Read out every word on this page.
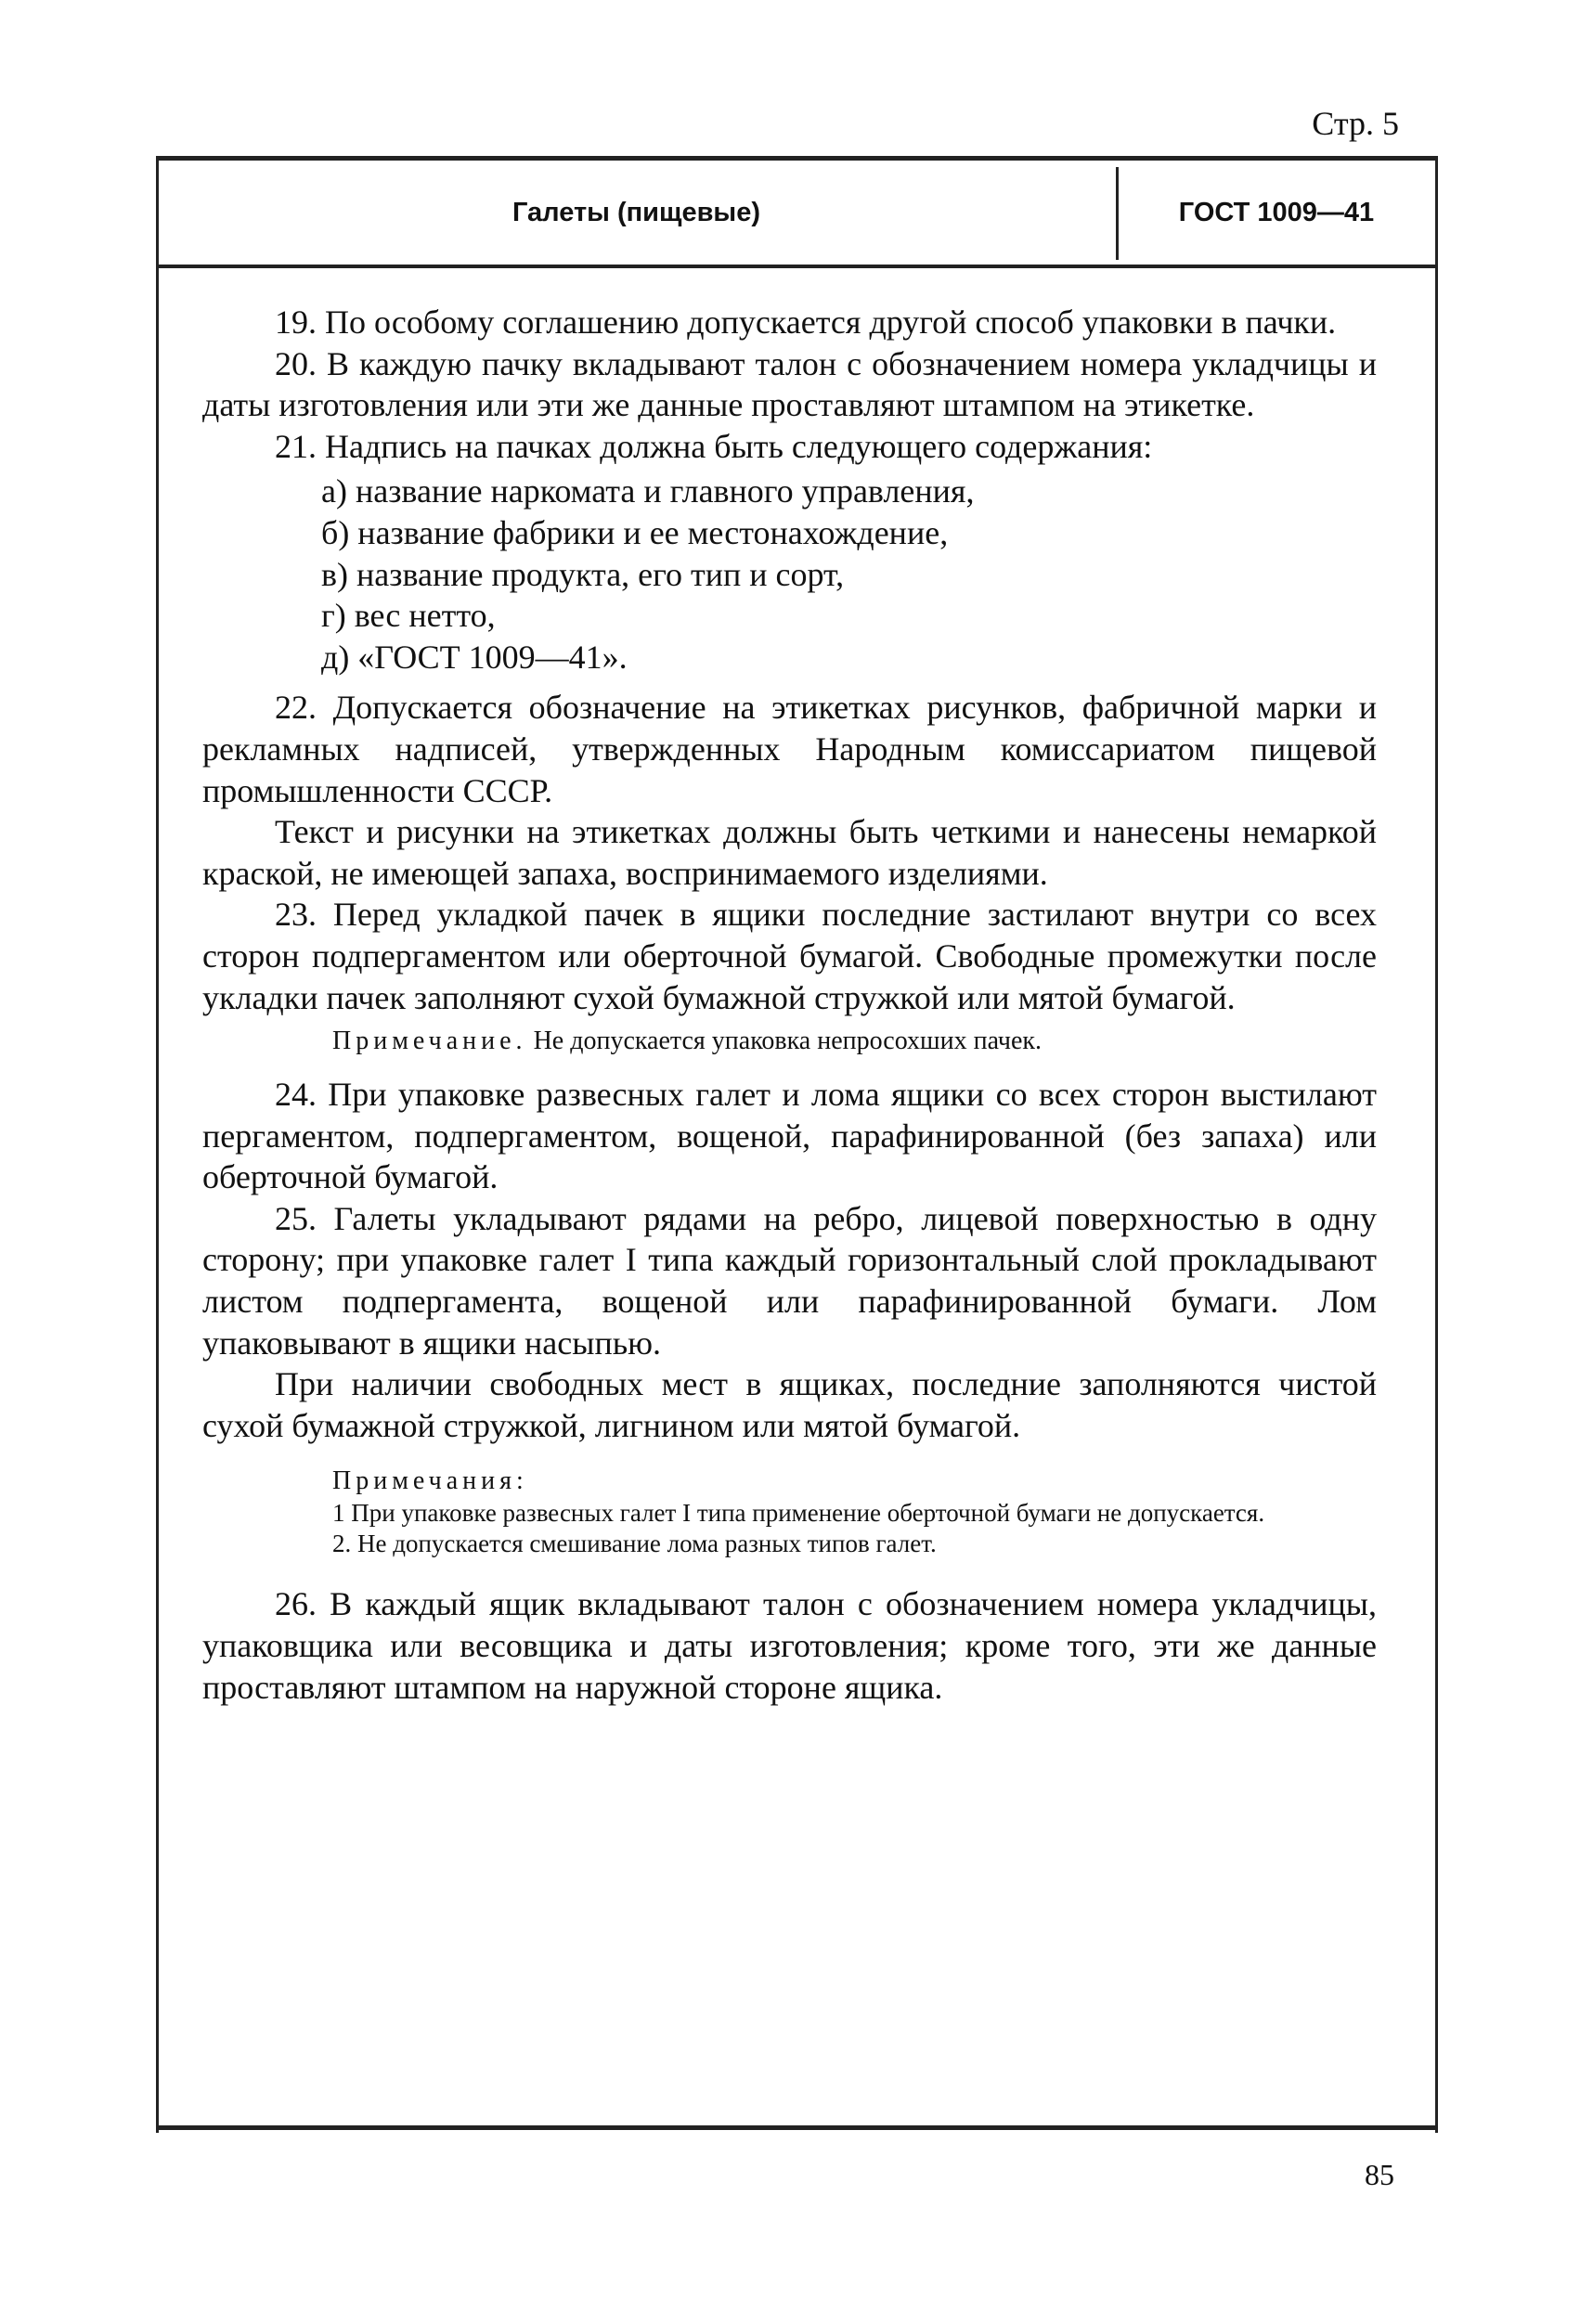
Стр. 5
Галеты (пищевые)	ГОСТ 1009—41

19. По особому соглашению допускается другой способ упаковки в пачки.

20. В каждую пачку вкладывают талон с обозначением номера укладчицы и даты изготовления или эти же данные проставляют штампом на этикетке.

21. Надпись на пачках должна быть следующего содержания:

а) название наркомата и главного управления,
б) название фабрики и ее местонахождение,
в) название продукта, его тип и сорт,
г) вес нетто,
д) «ГОСТ 1009—41».

22. Допускается обозначение на этикетках рисунков, фабричной марки и рекламных надписей, утвержденных Народным комиссариатом пищевой промышленности СССР.

Текст и рисунки на этикетках должны быть четкими и нанесены немаркой краской, не имеющей запаха, воспринимаемого изделиями.

23. Перед укладкой пачек в ящики последние застилают внутри со всех сторон подпергаментом или оберточной бумагой. Свободные промежутки после укладки пачек заполняют сухой бумажной стружкой или мятой бумагой.

Примечание. Не допускается упаковка непросохших пачек.

24. При упаковке развесных галет и лома ящики со всех сторон выстилают пергаментом, подпергаментом, вощеной, парафинированной (без запаха) или оберточной бумагой.

25. Галеты укладывают рядами на ребро, лицевой поверхностью в одну сторону; при упаковке галет I типа каждый горизонтальный слой прокладывают листом подпергамента, вощеной или парафинированной бумаги. Лом упаковывают в ящики насыпью.

При наличии свободных мест в ящиках, последние заполняются чистой сухой бумажной стружкой, лигнином или мятой бумагой.

Примечания:
1 При упаковке развесных галет I типа применение оберточной бумаги не допускается.
2. Не допускается смешивание лома разных типов галет.

26. В каждый ящик вкладывают талон с обозначением номера укладчицы, упаковщика или весовщика и даты изготовления; кроме того, эти же данные проставляют штампом на наружной стороне ящика.

85
